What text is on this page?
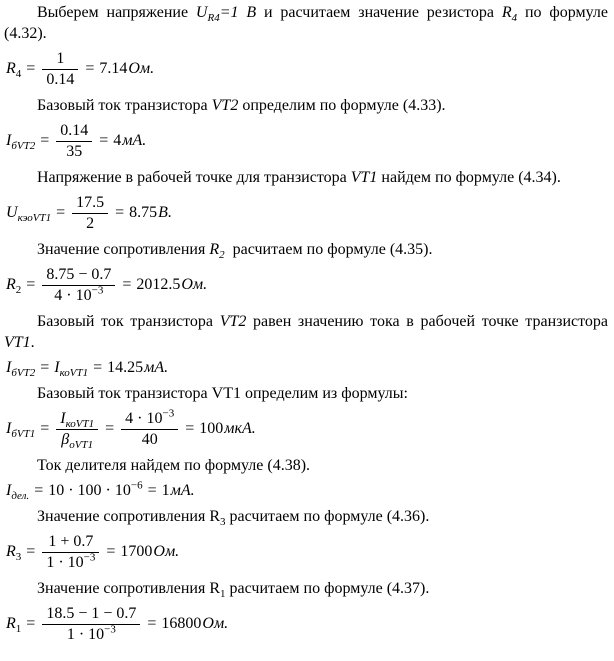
Выберем напряжение $U_{R4}=1$ В и расчитаем значение резистора $R_4$ по формуле (4.32).

$R_4 = \frac{1}{0.14} = 7.14Ом$.

Базовый ток транзистора VT2 определим по формуле (4.33).

$I_{бVT2} = \frac{0.14}{35} = 4мА$.

Напряжение в рабочей точке для транзистора VT1 найдем по формуле (4.34).

$U_{кэоVT1} = \frac{17.5}{2} = 8.75В$.

Значение сопротивления $R_2$  расчитаем по формуле (4.35).

$R_2 = \frac{8.75 - 0.7}{4 \cdot 10^{-3}} = 2012.5Ом$.

Базовый ток транзистора VT2 равен значению тока в рабочей точке транзистора VT1.

$I_{бVT2} = I_{коVT1} = 14.25мА$.

Базовый ток транзистора VT1 определим из формулы:

$I_{бVT1} = \frac{I_{коVT1}}{\beta_{оVT1}} = \frac{4 \cdot 10^{-3}}{40} = 100мкА$.

Ток делителя найдем по формуле (4.38).

$I_{дел.} = 10 \cdot 100 \cdot 10^{-6} = 1мА$.

Значение сопротивления $R_3$ расчитаем по формуле (4.36).

$R_3 = \frac{1 + 0.7}{1 \cdot 10^{-3}} = 1700Ом$.

Значение сопротивления $R_1$ расчитаем по формуле (4.37).

$R_1 = \frac{18.5 - 1 - 0.7}{1 \cdot 10^{-3}} = 16800Ом$.
